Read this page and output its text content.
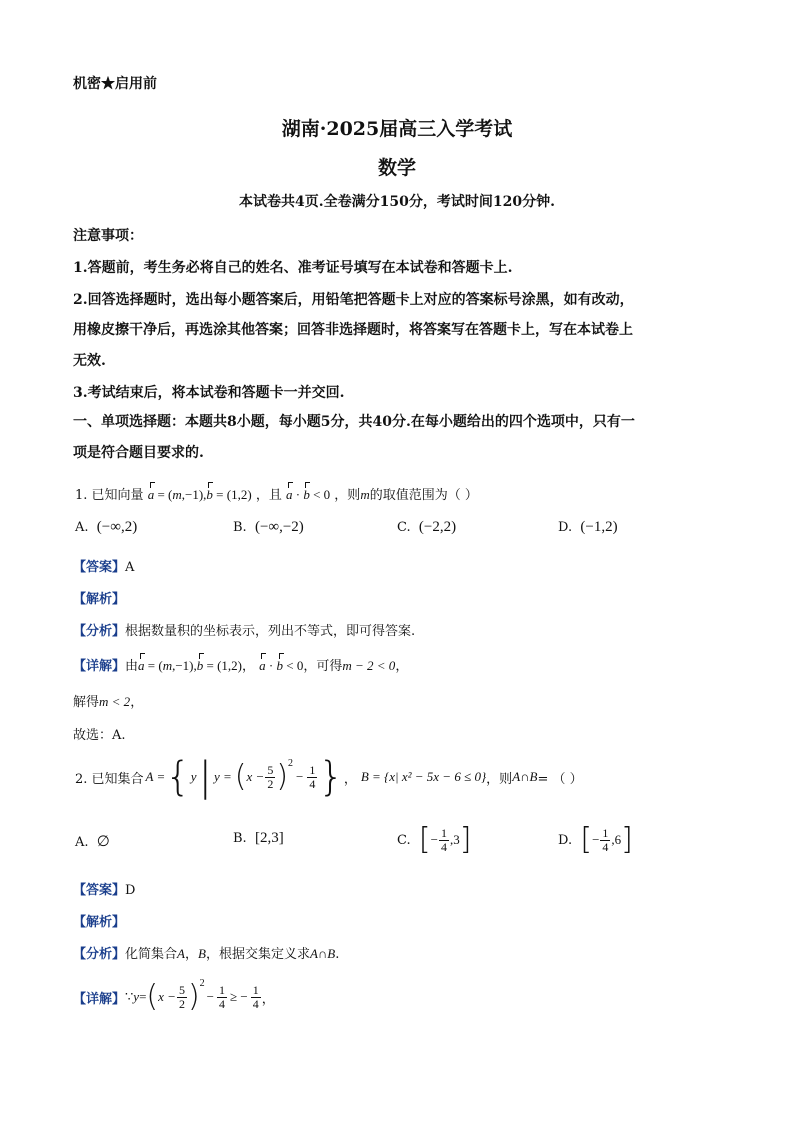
机密★启用前
湖南·2025届高三入学考试
数学
本试卷共4页.全卷满分150分，考试时间120分钟.
注意事项：
1.答题前，考生务必将自己的姓名、准考证号填写在本试卷和答题卡上.
2.回答选择题时，选出每小题答案后，用铅笔把答题卡上对应的答案标号涂黑，如有改动，
用橡皮擦干净后，再选涂其他答案；回答非选择题时，将答案写在答题卡上，写在本试卷上
无效.
3.考试结束后，将本试卷和答题卡一并交回.
一、单项选择题：本题共8小题，每小题5分，共40分.在每小题给出的四个选项中，只有一
项是符合题目要求的.
1. 已知向量 a = (m,−1),b = (1,2) ，且 a · b < 0 ，则m的取值范围为（ ）
A. (−∞,2)	B. (−∞,−2)	C. (−2,2)	D. (−1,2)
【答案】A
【解析】
【分析】根据数量积的坐标表示，列出不等式，即可得答案.
【详解】由a = (m,−1),b = (1,2)， a · b < 0，可得m − 2 < 0，
解得m < 2，
故选：A.
2. 已知集合 A = { y | y = ( $x - \frac{5}{2} )^2$
− $\frac{1}{4}$ } ， B = {x| x² − 5x − 6 ≤ 0} ，则 A∩B = （ ）
A. ∅	B. [2,3]	C.
[ − $\frac{1}{4} ,3$ ]	D.
[ − $\frac{1}{4} ,6$ ]
【答案】D
【解析】
【分析】化简集合A，B，根据交集定义求A∩B.
【详解】 ∵ y = ( $x - \frac{5}{2} )^2$
− $\frac{1}{4}$ ≥ − $\frac{1}{4}$ ，
